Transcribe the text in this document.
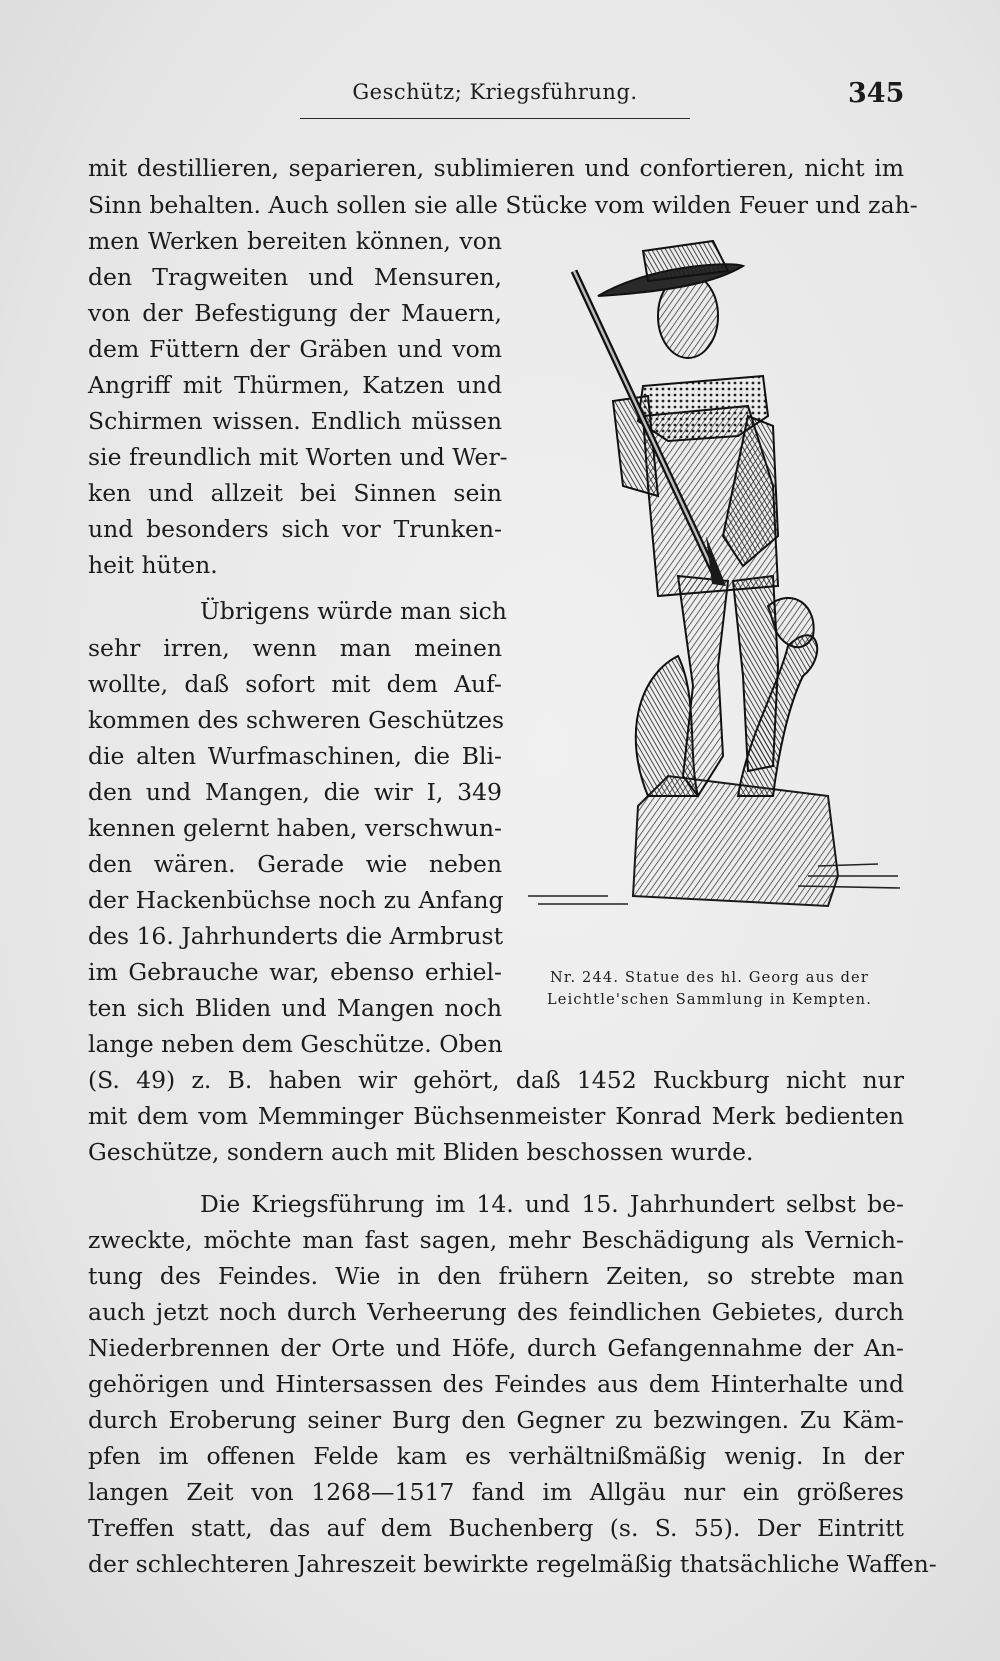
Geschütz; Kriegsführung.	345
mit destillieren, separieren, sublimieren und confortieren, nicht im
Sinn behalten. Auch sollen sie alle Stücke vom wilden Feuer und zah-
men Werken bereiten können, von
den Tragweiten und Mensuren,
von der Befestigung der Mauern,
dem Füttern der Gräben und vom
Angriff mit Thürmen, Katzen und
Schirmen wissen. Endlich müssen
sie freundlich mit Worten und Wer-
ken und allzeit bei Sinnen sein
und besonders sich vor Trunken-
heit hüten.
Übrigens würde man sich
sehr irren, wenn man meinen
wollte, daß sofort mit dem Auf-
kommen des schweren Geschützes
die alten Wurfmaschinen, die Bli-
den und Mangen, die wir I, 349
kennen gelernt haben, verschwun-
den wären. Gerade wie neben
der Hackenbüchse noch zu Anfang
des 16. Jahrhunderts die Armbrust
im Gebrauche war, ebenso erhiel-
ten sich Bliden und Mangen noch
lange neben dem Geschütze. Oben
(S. 49) z. B. haben wir gehört, daß 1452 Ruckburg nicht nur
mit dem vom Memminger Büchsenmeister Konrad Merk bedienten
Geschütze, sondern auch mit Bliden beschossen wurde.
Die Kriegsführung im 14. und 15. Jahrhundert selbst be-
zweckte, möchte man fast sagen, mehr Beschädigung als Vernich-
tung des Feindes. Wie in den frühern Zeiten, so strebte man
auch jetzt noch durch Verheerung des feindlichen Gebietes, durch
Niederbrennen der Orte und Höfe, durch Gefangennahme der An-
gehörigen und Hintersassen des Feindes aus dem Hinterhalte und
durch Eroberung seiner Burg den Gegner zu bezwingen. Zu Käm-
pfen im offenen Felde kam es verhältnißmäßig wenig. In der
langen Zeit von 1268—1517 fand im Allgäu nur ein größeres
Treffen statt, das auf dem Buchenberg (s. S. 55). Der Eintritt
der schlechteren Jahreszeit bewirkte regelmäßig thatsächliche Waffen-
Nr. 244. Statue des hl. Georg aus der
Leichtle'schen Sammlung in Kempten.
